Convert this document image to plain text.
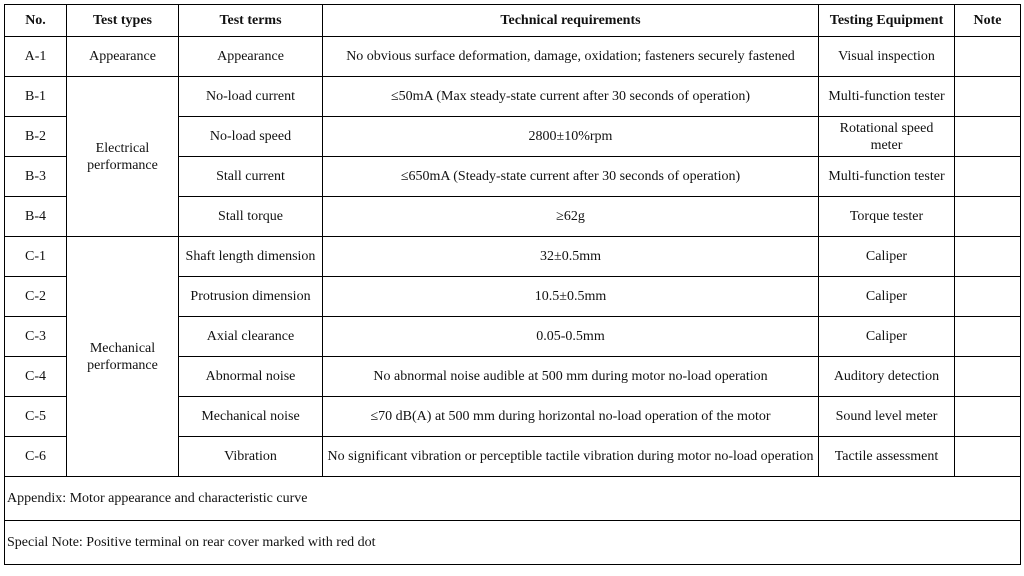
No.	Test types	Test terms	Technical requirements	Testing Equipment	Note
A-1	Appearance	Appearance	No obvious surface deformation, damage, oxidation; fasteners securely fastened	Visual inspection	
B-1	Electrical performance	No-load current	≤50mA (Max steady-state current after 30 seconds of operation)	Multi-function tester	
B-2		No-load speed	2800±10%rpm	Rotational speed meter	
B-3		Stall current	≤650mA (Steady-state current after 30 seconds of operation)	Multi-function tester	
B-4		Stall torque	≥62g	Torque tester	
C-1	Mechanical performance	Shaft length dimension	32±0.5mm	Caliper	
C-2		Protrusion dimension	10.5±0.5mm	Caliper	
C-3		Axial clearance	0.05-0.5mm	Caliper	
C-4		Abnormal noise	No abnormal noise audible at 500 mm during motor no-load operation	Auditory detection	
C-5		Mechanical noise	≤70 dB(A) at 500 mm during horizontal no-load operation of the motor	Sound level meter	
C-6		Vibration	No significant vibration or perceptible tactile vibration during motor no-load operation	Tactile assessment	
Appendix: Motor appearance and characteristic curve					
Special Note: Positive terminal on rear cover marked with red dot					
